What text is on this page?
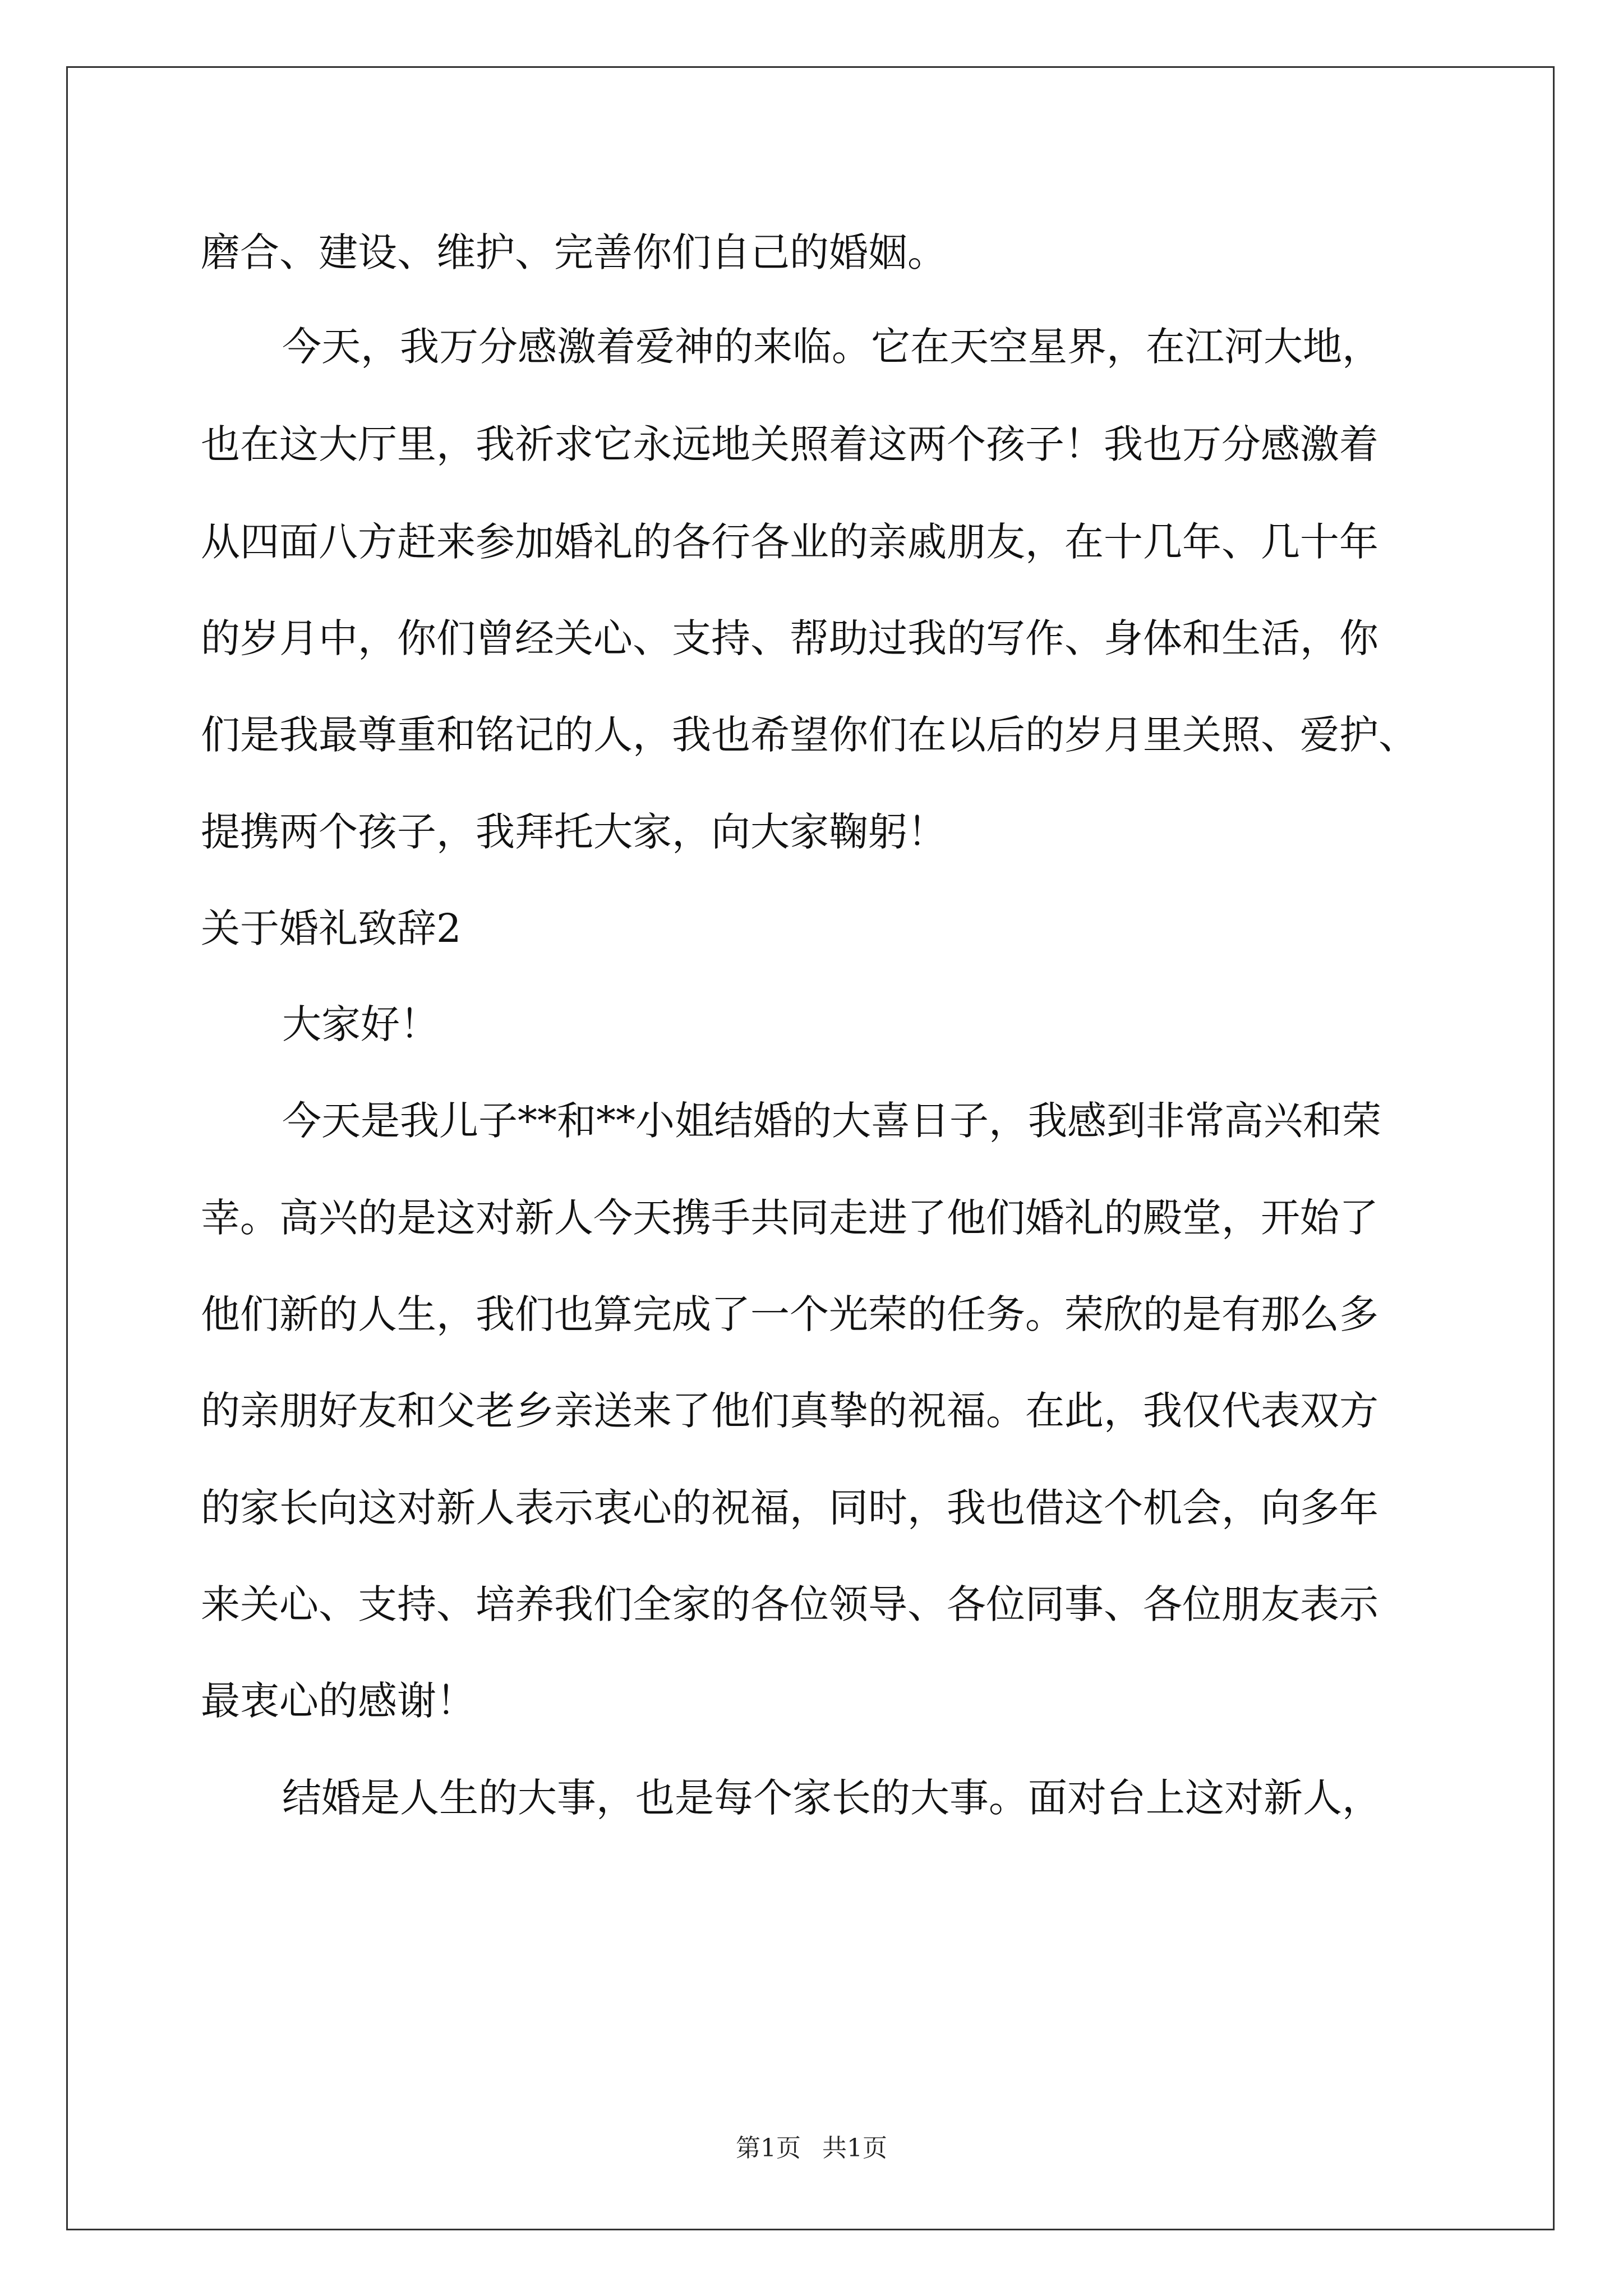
磨合、建设、维护、完善你们自己的婚姻。
今天，我万分感激着爱神的来临。它在天空星界，在江河大地，
也在这大厅里，我祈求它永远地关照着这两个孩子！我也万分感激着
从四面八方赶来参加婚礼的各行各业的亲戚朋友，在十几年、几十年
的岁月中，你们曾经关心、支持、帮助过我的写作、身体和生活，你
们是我最尊重和铭记的人，我也希望你们在以后的岁月里关照、爱护、
提携两个孩子，我拜托大家，向大家鞠躬！
关于婚礼致辞2
大家好！
今天是我儿子**和**小姐结婚的大喜日子，我感到非常高兴和荣
幸。高兴的是这对新人今天携手共同走进了他们婚礼的殿堂，开始了
他们新的人生，我们也算完成了一个光荣的任务。荣欣的是有那么多
的亲朋好友和父老乡亲送来了他们真挚的祝福。在此，我仅代表双方
的家长向这对新人表示衷心的祝福，同时，我也借这个机会，向多年
来关心、支持、培养我们全家的各位领导、各位同事、各位朋友表示
最衷心的感谢！
结婚是人生的大事，也是每个家长的大事。面对台上这对新人，
第1页 共1页
